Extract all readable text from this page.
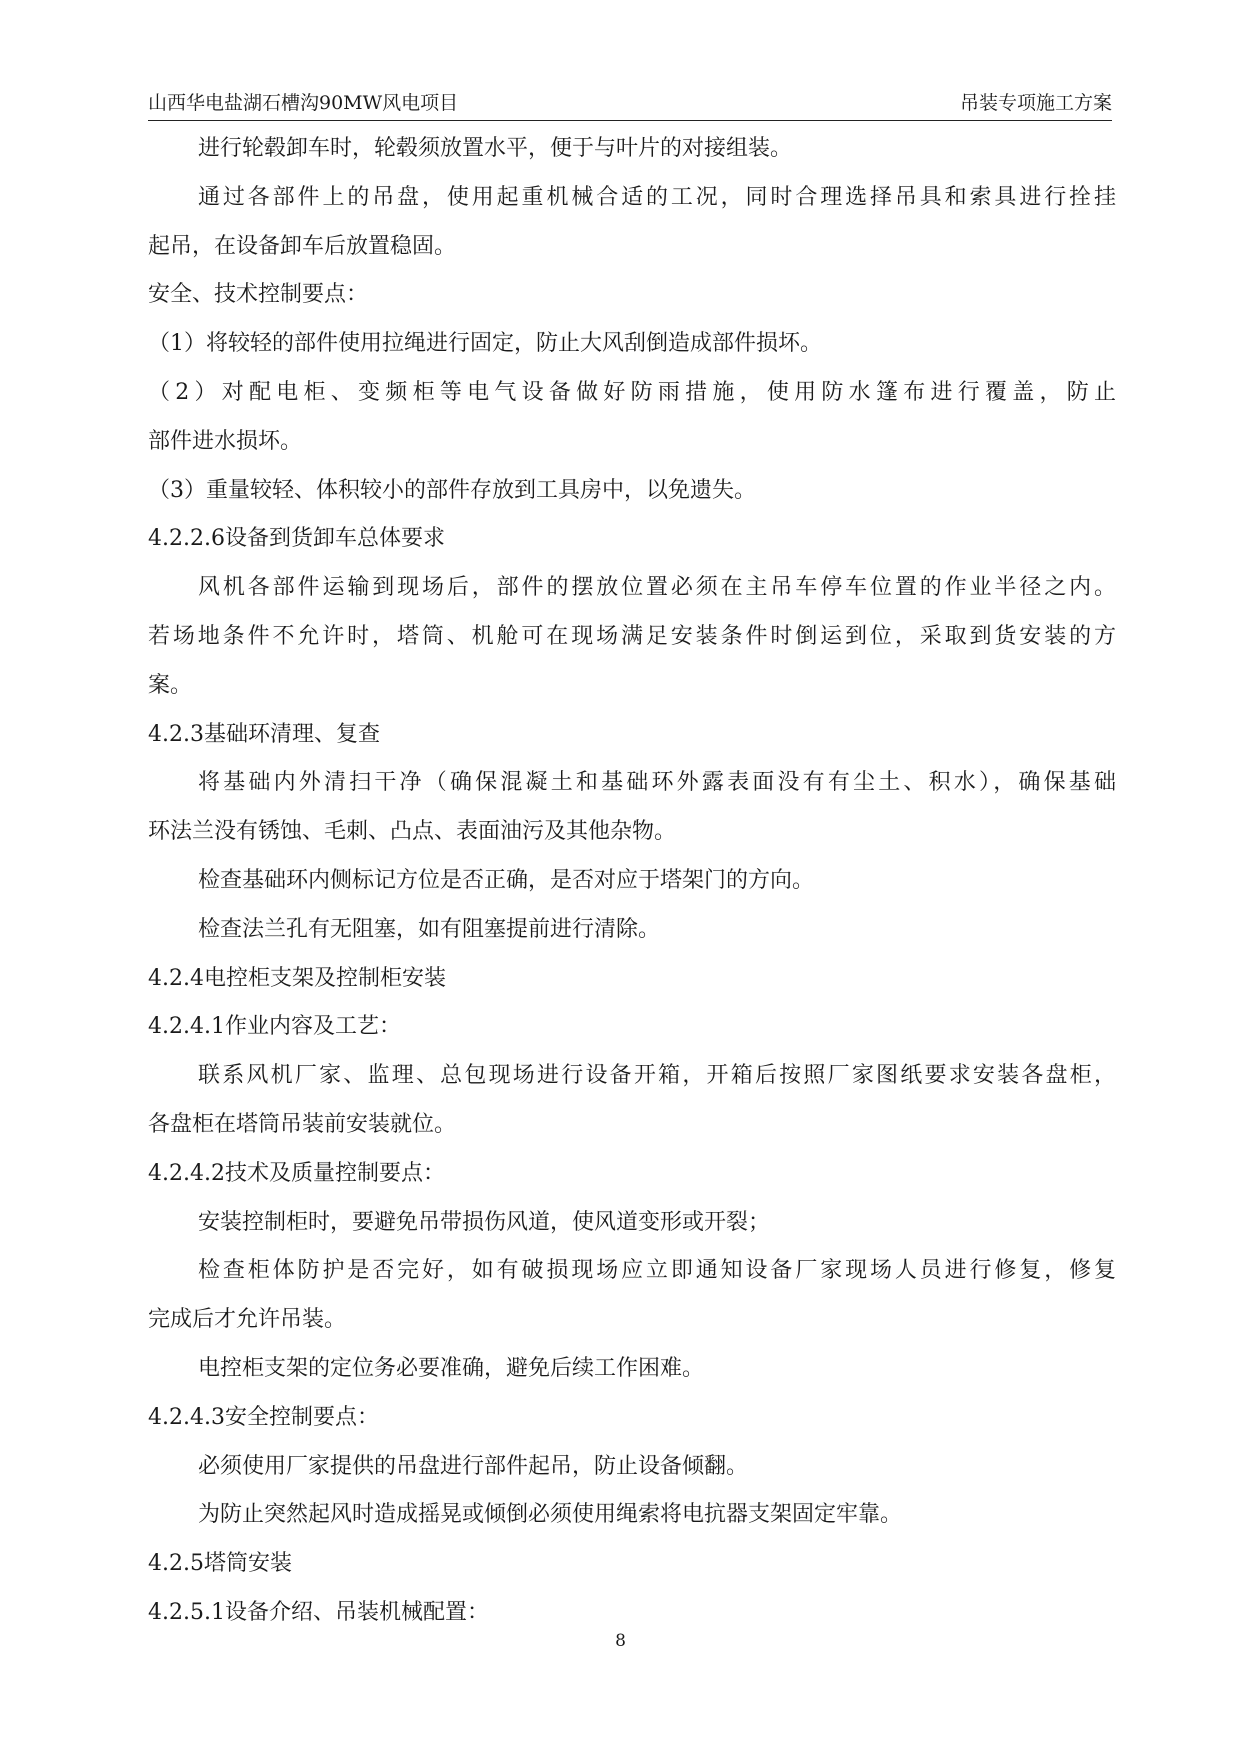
山西华电盐湖石槽沟90MW风电项目	吊装专项施工方案
进行轮毂卸车时，轮毂须放置水平，便于与叶片的对接组装。
通过各部件上的吊盘，使用起重机械合适的工况，同时合理选择吊具和索具进行拴挂
起吊，在设备卸车后放置稳固。
安全、技术控制要点：
（1）将较轻的部件使用拉绳进行固定，防止大风刮倒造成部件损坏。
（2）对配电柜、变频柜等电气设备做好防雨措施，使用防水篷布进行覆盖，防止
部件进水损坏。
（3）重量较轻、体积较小的部件存放到工具房中，以免遗失。
4.2.2.6设备到货卸车总体要求
风机各部件运输到现场后，部件的摆放位置必须在主吊车停车位置的作业半径之内。
若场地条件不允许时，塔筒、机舱可在现场满足安装条件时倒运到位，采取到货安装的方
案。
4.2.3基础环清理、复查
将基础内外清扫干净（确保混凝土和基础环外露表面没有有尘土、积水），确保基础
环法兰没有锈蚀、毛刺、凸点、表面油污及其他杂物。
检查基础环内侧标记方位是否正确，是否对应于塔架门的方向。
检查法兰孔有无阻塞，如有阻塞提前进行清除。
4.2.4电控柜支架及控制柜安装
4.2.4.1作业内容及工艺：
联系风机厂家、监理、总包现场进行设备开箱，开箱后按照厂家图纸要求安装各盘柜，
各盘柜在塔筒吊装前安装就位。
4.2.4.2技术及质量控制要点：
安装控制柜时，要避免吊带损伤风道，使风道变形或开裂；
检查柜体防护是否完好，如有破损现场应立即通知设备厂家现场人员进行修复，修复
完成后才允许吊装。
电控柜支架的定位务必要准确，避免后续工作困难。
4.2.4.3安全控制要点：
必须使用厂家提供的吊盘进行部件起吊，防止设备倾翻。
为防止突然起风时造成摇晃或倾倒必须使用绳索将电抗器支架固定牢靠。
4.2.5塔筒安装
4.2.5.1设备介绍、吊装机械配置：
8
